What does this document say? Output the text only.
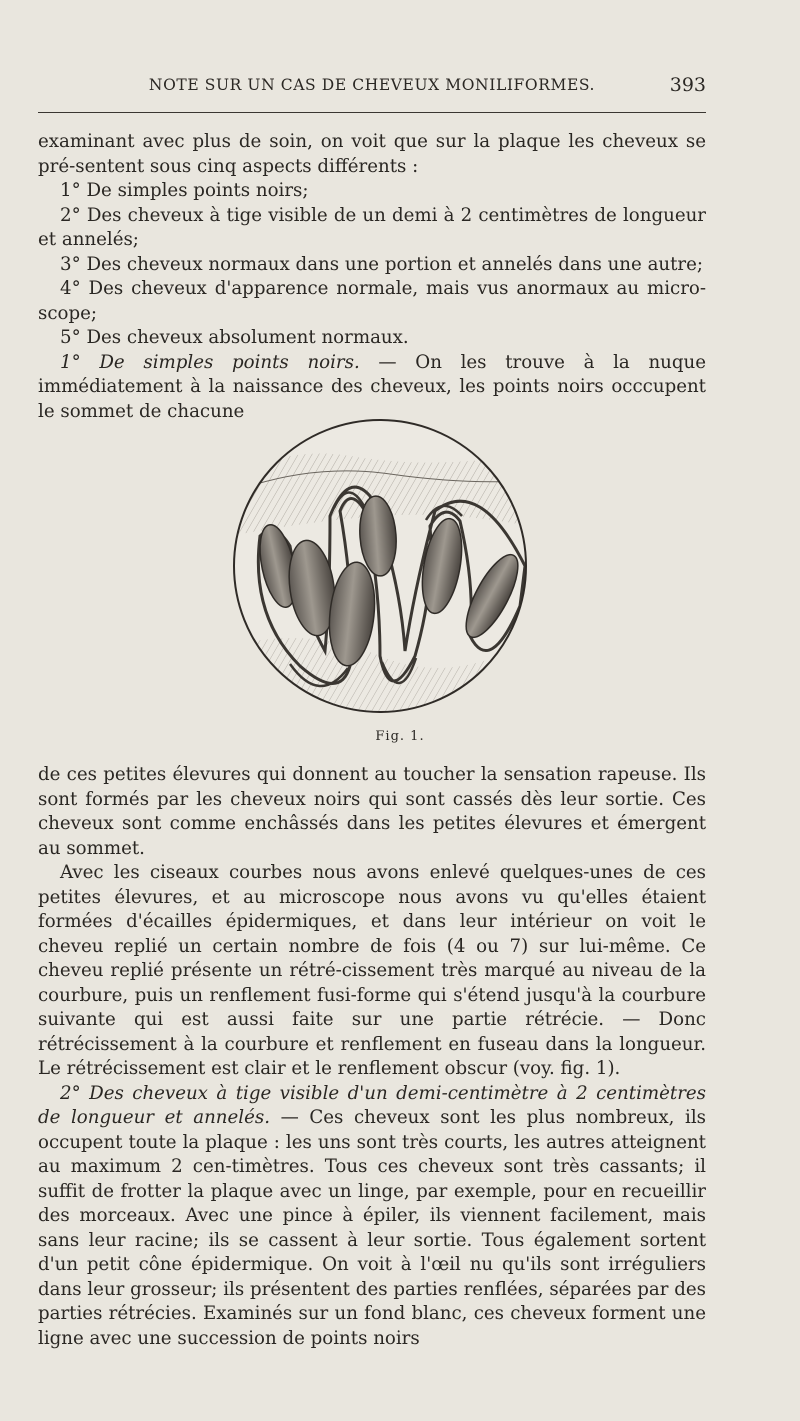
NOTE SUR UN CAS DE CHEVEUX MONILIFORMES.	393

examinant avec plus de soin, on voit que sur la plaque les cheveux se pré-sentent sous cinq aspects différents :

1° De simples points noirs;

2° Des cheveux à tige visible de un demi à 2 centimètres de longueur et annelés;

3° Des cheveux normaux dans une portion et annelés dans une autre;

4° Des cheveux d'apparence normale, mais vus anormaux au micro-scope;

5° Des cheveux absolument normaux.

1° De simples points noirs. — On les trouve à la nuque immédiatement à la naissance des cheveux, les points noirs occcupent le sommet de chacune

Fig. 1.

de ces petites élevures qui donnent au toucher la sensation rapeuse. Ils sont formés par les cheveux noirs qui sont cassés dès leur sortie. Ces cheveux sont comme enchâssés dans les petites élevures et émergent au sommet.

Avec les ciseaux courbes nous avons enlevé quelques-unes de ces petites élevures, et au microscope nous avons vu qu'elles étaient formées d'écailles épidermiques, et dans leur intérieur on voit le cheveu replié un certain nombre de fois (4 ou 7) sur lui-même. Ce cheveu replié présente un rétré-cissement très marqué au niveau de la courbure, puis un renflement fusi-forme qui s'étend jusqu'à la courbure suivante qui est aussi faite sur une partie rétrécie. — Donc rétrécissement à la courbure et renflement en fuseau dans la longueur. Le rétrécissement est clair et le renflement obscur (voy. fig. 1).

2° Des cheveux à tige visible d'un demi-centimètre à 2 centimètres de longueur et annelés. — Ces cheveux sont les plus nombreux, ils occupent toute la plaque : les uns sont très courts, les autres atteignent au maximum 2 cen-timètres. Tous ces cheveux sont très cassants; il suffit de frotter la plaque avec un linge, par exemple, pour en recueillir des morceaux. Avec une pince à épiler, ils viennent facilement, mais sans leur racine; ils se cassent à leur sortie. Tous également sortent d'un petit cône épidermique. On voit à l'œil nu qu'ils sont irréguliers dans leur grosseur; ils présentent des parties renflées, séparées par des parties rétrécies. Examinés sur un fond blanc, ces cheveux forment une ligne avec une succession de points noirs
